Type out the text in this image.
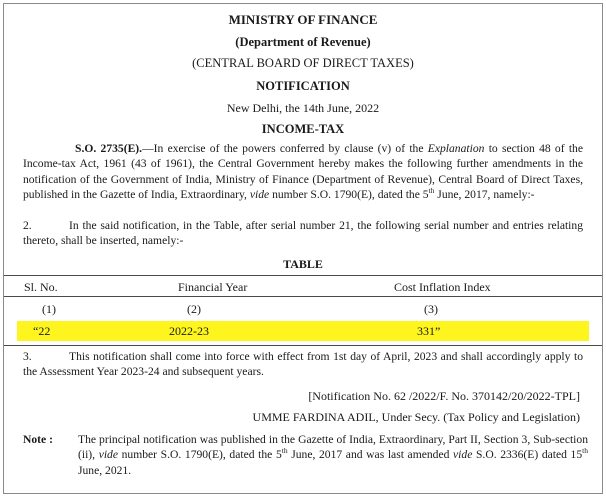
MINISTRY OF FINANCE
(Department of Revenue)
(CENTRAL BOARD OF DIRECT TAXES)
NOTIFICATION
New Delhi, the 14th June, 2022
INCOME-TAX

S.O. 2735(E).—In exercise of the powers conferred by clause (v) of the Explanation to section 48 of the Income-tax Act, 1961 (43 of 1961), the Central Government hereby makes the following further amendments in the notification of the Government of India, Ministry of Finance (Department of Revenue), Central Board of Direct Taxes, published in the Gazette of India, Extraordinary, vide number S.O. 1790(E), dated the 5th June, 2017, namely:-

2.	In the said notification, in the Table, after serial number 21, the following serial number and entries relating thereto, shall be inserted, namely:-

TABLE
Sl. No.	Financial Year	Cost Inflation Index
(1)	(2)	(3)
“22	2022-23	331”

3.	This notification shall come into force with effect from 1st day of April, 2023 and shall accordingly apply to the Assessment Year 2023-24 and subsequent years.

[Notification No. 62 /2022/F. No. 370142/20/2022-TPL]
UMME FARDINA ADIL, Under Secy. (Tax Policy and Legislation)
Note : The principal notification was published in the Gazette of India, Extraordinary, Part II, Section 3, Sub-section (ii), vide number S.O. 1790(E), dated the 5th June, 2017 and was last amended vide S.O. 2336(E) dated 15th June, 2021.
